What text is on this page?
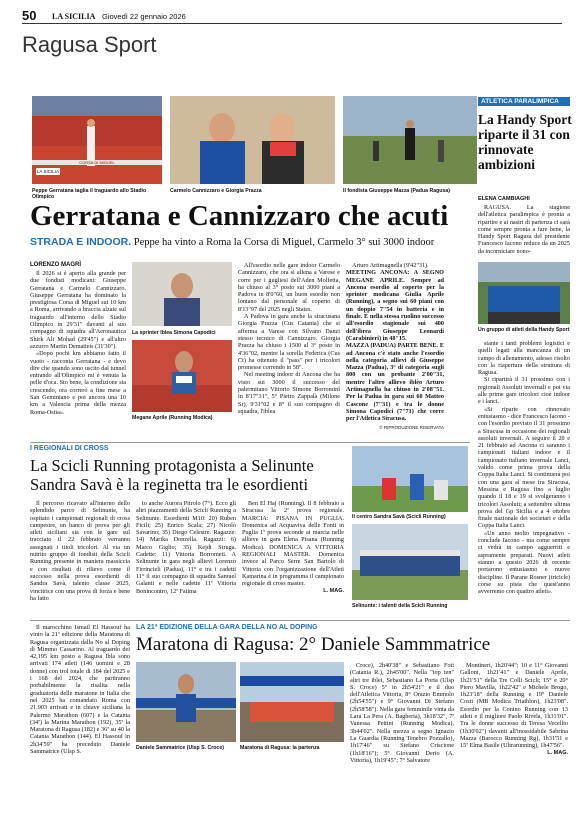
50 LA SICILIA Giovedì 22 gennaio 2026
Ragusa Sport
CORSA DI MIGUEL
LA SICILIA
Peppe Gerratana taglia il traguardo allo Stadio Olimpico
Carmelo Cannizzaro e Giorgia Prazza	Il fondista Giuseppe Mazza (Padua Ragusa)
Gerratana e Cannizzaro che acuti
STRADA E INDOOR. Peppe ha vinto a Roma la Corsa di Miguel, Carmelo 3° sui 3000 indoor
LORENZO MAGRÌ

Il 2026 si è aperto alla grande per due fondisti modicani: Giuseppe Gerratana e Carmelo Cannizzaro. Giuseppe Gerratana ha dominato la prestigiosa Corsa di Miguel sui 10 km a Roma, arrivando a braccia alzate sul traguardo all'interno dello Stadio Olimpico in 29'31" davanti al suo compagno di squadra all'Aeronautica Shirk Ali Mohad (29'45") e all'altro azzurro Martin Dematteis (31'30").

«Dopo pochi km abbiamo fatto il vuoto - racconta Gerratana - e devo dire che quando sono uscito dal tunnel entrando all'Olimpico mi è venuta la pelle d'oca. Sto bene, la condizione sta crescendo, ora correrò a fine mese a San Geminiano e poi ancora una 10 km a Valencia prima della mezza Roma-Ostia».

La sprinter Iblea Simona Capodici
Megane Aprile (Running Modica)

All'esordio nelle gare indoor Carmelo Cannizzaro, che ora si allena a Varese e corre per i gugliesi dell'Aden Molfetta, ha chiuso al 3° posto sui 3000 piani a Padova in 8'0"60, un buon esordio non lontano dal personale al coperto di 8'13"97 del 2025 negli States.

A Padova in gara anche la siracusana Giorgia Prazza (Cus Catania) che si afferma a Varese con Silvano Danzi stesso tecnico di Cannizzaro. Giorgia Prazza ha chiuso i 1500 al 3° posto in 4'36"02, mentre la sorella Federica (Cus Ct) ha ottenuto il "pass" per i tricolori promesse correndo in 58".

Nel meeting indoor di Ancona che ha visto sui 3000 il successo del palermitano Vittorio Simone Borrominî in 8'17"31", 5° Pietro Zappalà (Milone Sr), 9'31"02 e 8° il suo compagno di squadra, l'iblea

Arturo Artimagnella (9'42"31).

MEETING ANCONA: A SEGNO MEGANE APRILE. Sempre ad Ancona esordio al coperto per la sprinter modicana Giulia Aprile (Running), a segno sui 60 piani con un doppio 7"54 in batteria e in finale. È nella stessa ruolino successo all'esordio stagionale sui 400 dell'ibrea Giuseppe Leonardi (Carabinieri) in 48"15.

MAZZA (PADUA) PARTE BENE. E ad Ancona c'è stato anche l'esordio nella categoria allievi di Giuseppe Mazza (Padua), 3° di categoria sugli 800 con un probante 2'00"31, mentre l'altro allievo iblèo Arturo Artimagnella ha chiuso in 2'08"51. Per la Padua in gara sui 60 Matteo Cascone (7"31) e tra le donne Simona Capodici (7"71) che corre per l'Atletica Siracusa.

© RIPRODUZIONE RISERVATA
ATLETICA PARALIMPICA
La Handy Sport riparte il 31 con rinnovate ambizioni
ELENA CAMBIAGHI

RAGUSA. La stagione dell'atletica paralimpica è pronta a ripartire e ai nastri di partenza ci sarà come sempre pronta a fare bene, la Handy Sport Ragusa del presidente Francesco Iacono reduce da un 2025 da incorniciare nono-

Un gruppo di atleti della Handy Sport

stante i tanti problemi logistici e quelli legati alla mancanza di un campo di allenamento, adesso risolto con la riapertura della struttura di Ragusa.

Si ripartirà il 31 prossimo con i regionali Assoluti invernali e poi via alle prime gare tricolori cioè indoor e i lanci.

«Si riparte con rinnovato entusiasmo - dice Francesco Iacono - con l'esordio previsto il 31 prossimo a Siracusa in occasione dei regionali assoluti invernali. A seguire il 20 e 21 febbraio ad Ancona ci saranno i campionati italiani indoor e il campionato italiano invernale Lanci, valido come prima prova della Coppa Italia Lanci. Si continuerà poi con una gara al mese fra Siracusa, Messina e Ragusa fino a luglio quando il 18 e 19 si svolgeranno i tricolori Assoluti; a settembre ultima prova del Gp Sicilia e a 4 ottobre finale nazionale dei societari e della Coppa Italia Lanci.

«Un anno molto impegnativo - conclude Iacono - ma come sempre ci vedrà in campo agguerriti e aspramente preparati. Nuovi atleti stanno a questo 2026 di recente portarono entusiasmo e nuove discipline. Il Parane Rosner (tricicle) corse su pista che quest'anno avverremo con quattro atleti».

I REGIONALI DI CROSS
La Scicli Running protagonista a Selinunte Sandra Savà è la reginetta tra le esordienti
Il centro Sandra Savà (Scicli Running)
Selinunte: i talenti della Scicli Running

Il percorso ricavato all'interno dello splendido parco di Selinunte, ha ospitato i campionati regionali di cross campestre, un banco di prova per gli atleti siciliani sia con le gare sul tracciato il 22 febbraio verranno assegnati i titoli tricolori. Al via un nutrito gruppo di fondisti della Scicli Running presente in maniera massiccia e con risultati di rilievo come il successo nella prova esordienti di Sandra Savà, talento classe 2025, vincitrice con una prova di forza e bene ha fatto

to anche Aurora Pitrolo (7°). Ecco gli altri piazzamenti della Scicli Running a Selinunte. Esordienti M10: 20) Ruben Ficili; 25) Enrico Scala; 27) Nicolò Savarino; 35) Diego Celestre. Ragazze: 14) Marika Donzella. Ragazzi: 6) Marco Giglio; 35) Kejdi Struga. Cadette: 11) Vittoria Borrometi. A Selinunte in gara negli allievi Lorenzo Firrincieli (Padua), 11° e tra i cadetti 11° il suo compagno di squadra Samuel Galanti e nelle cadette 11ª Vittoria Bonincontro, 12ª Fatima

Ben El Haj (Running). Il 8 febbraio a Siracusa la 2ª prova regionale. MARCIA: PISANA IN PUGLIA. Domenica ad Acquaviva delle Fonti in Puglia 1ª prova seconde ai marcia nelle allieve in gara Elena Pisana (Running Modica). DOMENICA A VITTORIA REGIONALI MASTER. Domenica invece al Parco Serre San Bartolo di Vittoria con l'organizzazione dell'Atleti Kamarina è in programma il campionato regionale di cross master.

L. MAG.
LA 21ª EDIZIONE DELLA GARA DELLA NO AL DOPING
Maratona di Ragusa: 2° Daniele Sammmatrice

Il marocchino Ismail El Hassouf ha vinto la 21ª edizione della Maratona di Ragusa organizzata dalla No al Doping di Mimmo Cassarino. Al traguardo dei 42,195 km posto a Ragusa Ibla sono arrivati 174 atleti (146 uomini e 28 donne) con trol totale di 184 del 2025 e i 168 del 2024, che partiranno porbabilmente la risalita nella graduatoria delle maratone in Italia che nel 2025 ha comandato Roma con 21.903 arrivati e in chiave siciliana la Palermo Marathon (607) e la Catania (34ª) la Marina Marathon (192), 35ª la Maratona di Ragusa (182) e 36ª su 40 la Catania Marathon (144). El Hassouf in 2h34'59" ha preceduto Daniele Sammatrice (Ulsp S.

Daniele Sammatrice (Ulsp S. Croce)	Maratona di Ragusa: la partenza

Croce), 2h40'38" e Sebastiano Foti (Catania R.), 2h45'00". Nella "top ten" altri tre iblei, Sebastiano La Porta (Ulsp S. Croce) 5° in 2h54'21" e il duo dell'Atletica Vittoria, 8° Orazio Emmolo (2h54'55") e 9° Giovanni Di Stefano (2h58'58"). Nella gara femminile vinta da Lara La Pera (A. Bagheria), 3h18'32", 7ª Vanessa Pettini (Running Modica), 3h44'02". Nella mezza a segno Ignazio La Guardia (Running Tenebro Pozzallo), 1h17'46" su Stefano Criscione (1h18'16"); 5° Giovanni Derio (A. Vittoria), 1h19'45"; 7° Salvatore

Montineri, 1h20'44"; 10 e 11° Giovanni Galloni, 1h21'41" e Daniele Aprile, 1h21'51" della Tre Colli Scicli; 15° e 20° Piero Mavilla, 1h22'42" e Michele Brogo, 1h23'18" della Running e 19° Daniele Costi (MB Modica Triathlon), 1h23'08". Esordio per la Conino Running con 13 atleti e il migliore Paolo Rivela, 1h31'01". Tra le donne successo di Teresa Vecellio (1h30'02") davanti all'inossidabile Sabrina Mazza (Barocco Running Rg), 1h31'51 e 15ª Elma Basile (Ultrarunning), 1h47'56".

L. MAG.
